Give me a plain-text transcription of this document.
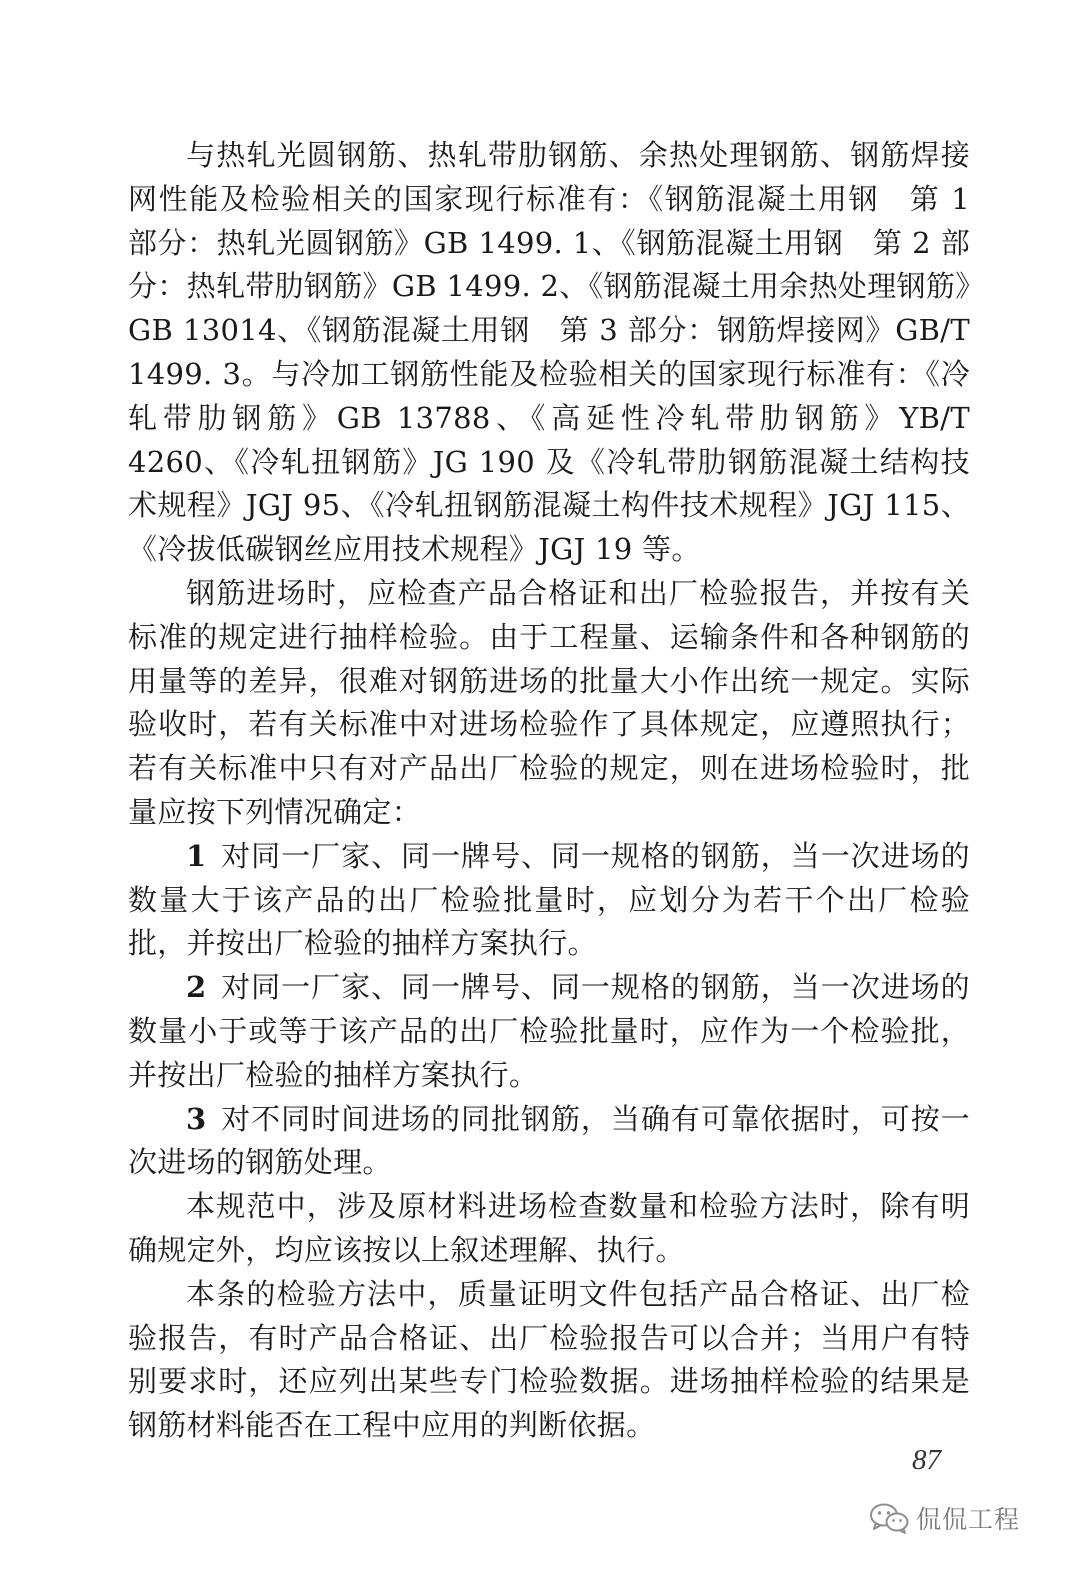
与热轧光圆钢筋、热轧带肋钢筋、余热处理钢筋、钢筋焊接网性能及检验相关的国家现行标准有：《钢筋混凝土用钢　第 1 部分：热轧光圆钢筋》GB 1499. 1、《钢筋混凝土用钢　第 2 部分：热轧带肋钢筋》GB 1499. 2、《钢筋混凝土用余热处理钢筋》GB 13014、《钢筋混凝土用钢　第 3 部分：钢筋焊接网》GB/T 1499. 3。与冷加工钢筋性能及检验相关的国家现行标准有：《冷轧带肋钢筋》GB 13788、《高延性冷轧带肋钢筋》YB/T 4260、《冷轧扭钢筋》JG 190 及《冷轧带肋钢筋混凝土结构技术规程》JGJ 95、《冷轧扭钢筋混凝土构件技术规程》JGJ 115、《冷拔低碳钢丝应用技术规程》JGJ 19 等。

钢筋进场时，应检查产品合格证和出厂检验报告，并按有关标准的规定进行抽样检验。由于工程量、运输条件和各种钢筋的用量等的差异，很难对钢筋进场的批量大小作出统一规定。实际验收时，若有关标准中对进场检验作了具体规定，应遵照执行；若有关标准中只有对产品出厂检验的规定，则在进场检验时，批量应按下列情况确定：

1 对同一厂家、同一牌号、同一规格的钢筋，当一次进场的数量大于该产品的出厂检验批量时，应划分为若干个出厂检验批，并按出厂检验的抽样方案执行。

2 对同一厂家、同一牌号、同一规格的钢筋，当一次进场的数量小于或等于该产品的出厂检验批量时，应作为一个检验批，并按出厂检验的抽样方案执行。

3 对不同时间进场的同批钢筋，当确有可靠依据时，可按一次进场的钢筋处理。

本规范中，涉及原材料进场检查数量和检验方法时，除有明确规定外，均应该按以上叙述理解、执行。

本条的检验方法中，质量证明文件包括产品合格证、出厂检验报告，有时产品合格证、出厂检验报告可以合并；当用户有特别要求时，还应列出某些专门检验数据。进场抽样检验的结果是钢筋材料能否在工程中应用的判断依据。

87
侃侃工程
